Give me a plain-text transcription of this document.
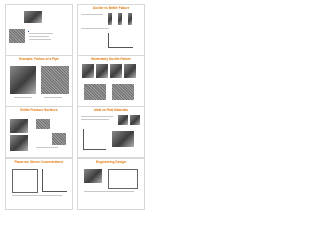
Ductile vs Brittle Failure
Example: Failure of a Pipe	Moderately Ductile Failure
Brittle Fracture Surfaces	Ideal vs Real Materials
Flaws are Stress Concentrators!	Engineering Design
